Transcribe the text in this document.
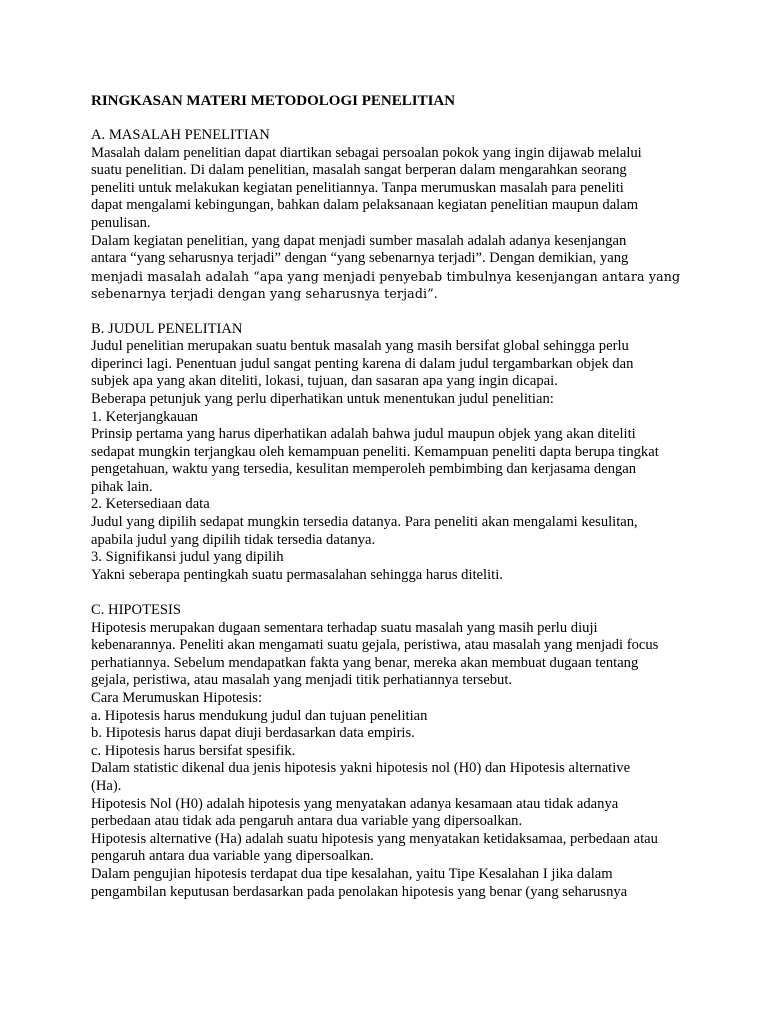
RINGKASAN MATERI METODOLOGI PENELITIAN
A. MASALAH PENELITIAN
Masalah dalam penelitian dapat diartikan sebagai persoalan pokok yang ingin dijawab melalui
suatu penelitian. Di dalam penelitian, masalah sangat berperan dalam mengarahkan seorang
peneliti untuk melakukan kegiatan penelitiannya. Tanpa merumuskan masalah para peneliti
dapat mengalami kebingungan, bahkan dalam pelaksanaan kegiatan penelitian maupun dalam
penulisan.
Dalam kegiatan penelitian, yang dapat menjadi sumber masalah adalah adanya kesenjangan
antara “yang seharusnya terjadi” dengan “yang sebenarnya terjadi”. Dengan demikian, yang
menjadi masalah adalah “apa yang menjadi penyebab timbulnya kesenjangan antara yang
sebenarnya terjadi dengan yang seharusnya terjadi”.
B. JUDUL PENELITIAN
Judul penelitian merupakan suatu bentuk masalah yang masih bersifat global sehingga perlu
diperinci lagi. Penentuan judul sangat penting karena di dalam judul tergambarkan objek dan
subjek apa yang akan diteliti, lokasi, tujuan, dan sasaran apa yang ingin dicapai.
Beberapa petunjuk yang perlu diperhatikan untuk menentukan judul penelitian:
1. Keterjangkauan
Prinsip pertama yang harus diperhatikan adalah bahwa judul maupun objek yang akan diteliti
sedapat mungkin terjangkau oleh kemampuan peneliti. Kemampuan peneliti dapta berupa tingkat
pengetahuan, waktu yang tersedia, kesulitan memperoleh pembimbing dan kerjasama dengan
pihak lain.
2. Ketersediaan data
Judul yang dipilih sedapat mungkin tersedia datanya. Para peneliti akan mengalami kesulitan,
apabila judul yang dipilih tidak tersedia datanya.
3. Signifikansi judul yang dipilih
Yakni seberapa pentingkah suatu permasalahan sehingga harus diteliti.
C. HIPOTESIS
Hipotesis merupakan dugaan sementara terhadap suatu masalah yang masih perlu diuji
kebenarannya. Peneliti akan mengamati suatu gejala, peristiwa, atau masalah yang menjadi focus
perhatiannya. Sebelum mendapatkan fakta yang benar, mereka akan membuat dugaan tentang
gejala, peristiwa, atau masalah yang menjadi titik perhatiannya tersebut.
Cara Merumuskan Hipotesis:
a. Hipotesis harus mendukung judul dan tujuan penelitian
b. Hipotesis harus dapat diuji berdasarkan data empiris.
c. Hipotesis harus bersifat spesifik.
Dalam statistic dikenal dua jenis hipotesis yakni hipotesis nol (H0) dan Hipotesis alternative
(Ha).
Hipotesis Nol (H0) adalah hipotesis yang menyatakan adanya kesamaan atau tidak adanya
perbedaan atau tidak ada pengaruh antara dua variable yang dipersoalkan.
Hipotesis alternative (Ha) adalah suatu hipotesis yang menyatakan ketidaksamaa, perbedaan atau
pengaruh antara dua variable yang dipersoalkan.
Dalam pengujian hipotesis terdapat dua tipe kesalahan, yaitu Tipe Kesalahan I jika dalam
pengambilan keputusan berdasarkan pada penolakan hipotesis yang benar (yang seharusnya
